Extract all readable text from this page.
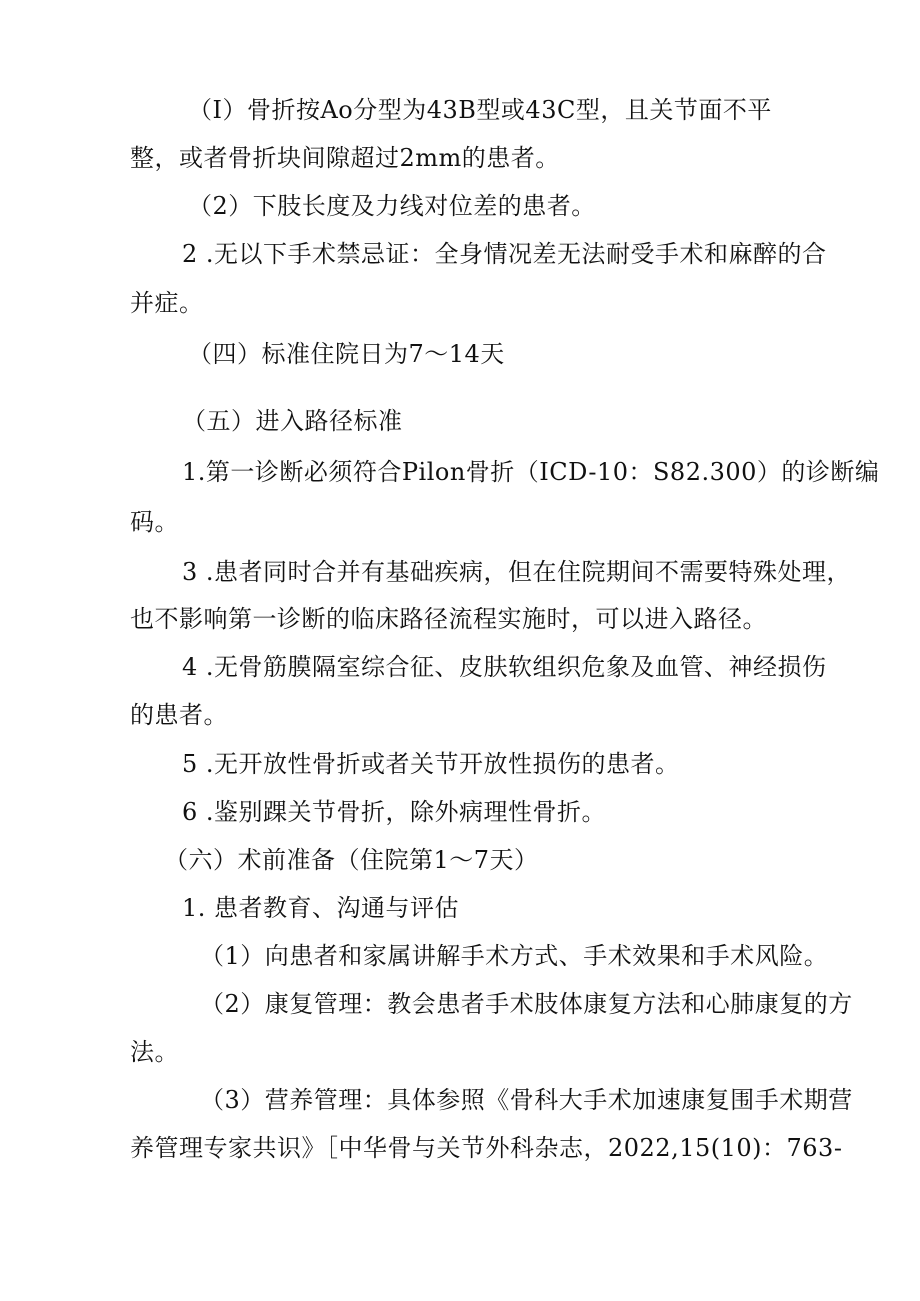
（I）骨折按Ao分型为43B型或43C型，且关节面不平
整，或者骨折块间隙超过2mm的患者。
（2）下肢长度及力线对位差的患者。
2 .无以下手术禁忌证：全身情况差无法耐受手术和麻醉的合
并症。
（四）标准住院日为7～14天
（五）进入路径标准
1.第一诊断必须符合Pilon骨折（ICD-10：S82.300）的诊断编
码。
3 .患者同时合并有基础疾病，但在住院期间不需要特殊处理，
也不影响第一诊断的临床路径流程实施时，可以进入路径。
4 .无骨筋膜隔室综合征、皮肤软组织危象及血管、神经损伤
的患者。
5 .无开放性骨折或者关节开放性损伤的患者。
6 .鉴别踝关节骨折，除外病理性骨折。
（六）术前准备（住院第1～7天）
1. 患者教育、沟通与评估
（1）向患者和家属讲解手术方式、手术效果和手术风险。
（2）康复管理：教会患者手术肢体康复方法和心肺康复的方
法。
（3）营养管理：具体参照《骨科大手术加速康复围手术期营
养管理专家共识》［中华骨与关节外科杂志，2022,15(10)：763-
